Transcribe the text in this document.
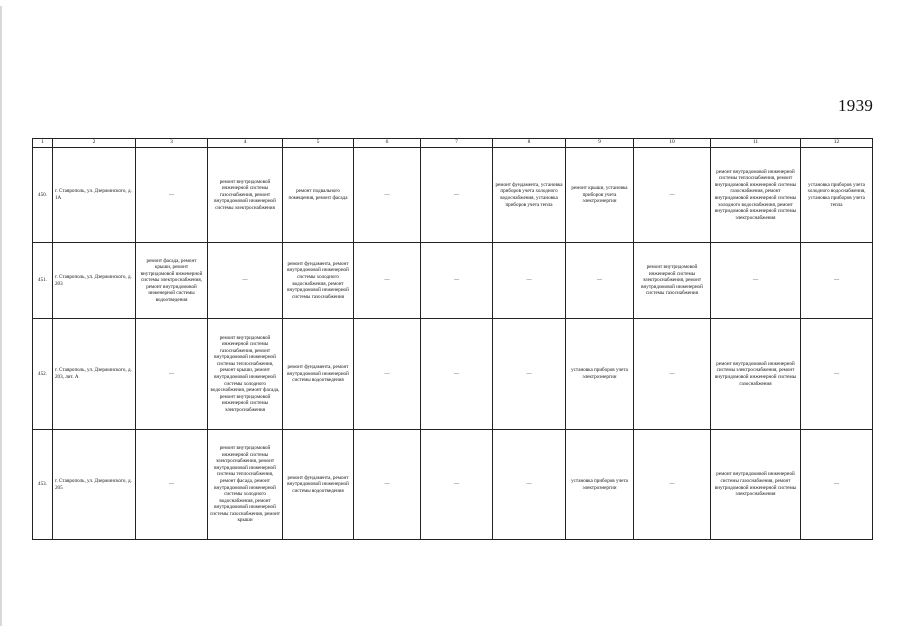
1939
1	2	3	4	5	6	7	8	9	10	11	12
450.	г. Ставрополь, ул. Дзержинского, д. 1А	—	ремонт внутридомовой инженерной системы газоснабжения, ремонт внутридомовой инженерной системы электроснабжения	ремонт подвального помещения, ремонт фасада	—	—	ремонт фундамента, установка приборов учета холодного водоснабжения, установка приборов учета тепла	ремонт крыши, установка приборов учета электроэнергии	—	ремонт внутридомовой инженерной системы теплоснабжения, ремонт внутридомовой инженерной системы газоснабжения, ремонт внутридомовой инженерной системы холодного водоснабжения, ремонт внутридомовой инженерной системы электроснабжения	установка приборов учета холодного водоснабжения, установка приборов учета тепла
451.	г. Ставрополь, ул. Дзержинского, д. 203	ремонт фасада, ремонт крыши, ремонт внутридомовой инженерной системы электроснабжения, ремонт внутридомовой инженерной системы водоотведения	—	ремонт фундамента, ремонт внутридомовой инженерной системы холодного водоснабжения, ремонт внутридомовой инженерной системы газоснабжения	—	—	—	—	ремонт внутридомовой инженерной системы электроснабжения, ремонт внутридомовой инженерной системы газоснабжения	—	—
452.	г. Ставрополь, ул. Дзержинского, д. 203, лит. А	—	ремонт внутридомовой инженерной системы газоснабжения, ремонт внутридомовой инженерной системы теплоснабжения, ремонт крыши, ремонт внутридомовой инженерной системы холодного водоснабжения, ремонт фасада, ремонт внутридомовой инженерной системы электроснабжения	ремонт фундамента, ремонт внутридомовой инженерной системы водоотведения	—	—	—	установка приборов учета электроэнергии	—	ремонт внутридомовой инженерной системы электроснабжения, ремонт внутридомовой инженерной системы газоснабжения	—
453.	г. Ставрополь, ул. Дзержинского, д. 205	—	ремонт внутридомовой инженерной системы электроснабжения, ремонт внутридомовой инженерной системы теплоснабжения, ремонт фасада, ремонт внутридомовой инженерной системы холодного водоснабжения, ремонт внутридомовой инженерной системы газоснабжения, ремонт крыши	ремонт фундамента, ремонт внутридомовой инженерной системы водоотведения	—	—	—	установка приборов учета электроэнергии	—	ремонт внутридомовой инженерной системы газоснабжения, ремонт внутридомовой инженерной системы электроснабжения	—
